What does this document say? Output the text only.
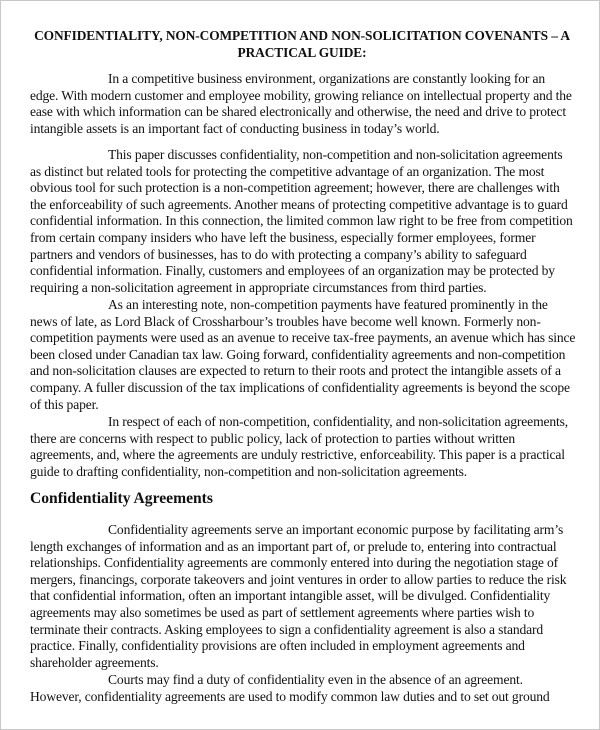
CONFIDENTIALITY, NON-COMPETITION AND NON-SOLICITATION COVENANTS – A
PRACTICAL GUIDE:

In a competitive business environment, organizations are constantly looking for an
edge. With modern customer and employee mobility, growing reliance on intellectual property and the
ease with which information can be shared electronically and otherwise, the need and drive to protect
intangible assets is an important fact of conducting business in today’s world.

This paper discusses confidentiality, non-competition and non-solicitation agreements
as distinct but related tools for protecting the competitive advantage of an organization. The most
obvious tool for such protection is a non-competition agreement; however, there are challenges with
the enforceability of such agreements. Another means of protecting competitive advantage is to guard
confidential information. In this connection, the limited common law right to be free from competition
from certain company insiders who have left the business, especially former employees, former
partners and vendors of businesses, has to do with protecting a company’s ability to safeguard
confidential information. Finally, customers and employees of an organization may be protected by
requiring a non-solicitation agreement in appropriate circumstances from third parties.

As an interesting note, non-competition payments have featured prominently in the
news of late, as Lord Black of Crossharbour’s troubles have become well known. Formerly non-
competition payments were used as an avenue to receive tax-free payments, an avenue which has since
been closed under Canadian tax law. Going forward, confidentiality agreements and non-competition
and non-solicitation clauses are expected to return to their roots and protect the intangible assets of a
company. A fuller discussion of the tax implications of confidentiality agreements is beyond the scope
of this paper.

In respect of each of non-competition, confidentiality, and non-solicitation agreements,
there are concerns with respect to public policy, lack of protection to parties without written
agreements, and, where the agreements are unduly restrictive, enforceability. This paper is a practical
guide to drafting confidentiality, non-competition and non-solicitation agreements.

Confidentiality Agreements

Confidentiality agreements serve an important economic purpose by facilitating arm’s
length exchanges of information and as an important part of, or prelude to, entering into contractual
relationships. Confidentiality agreements are commonly entered into during the negotiation stage of
mergers, financings, corporate takeovers and joint ventures in order to allow parties to reduce the risk
that confidential information, often an important intangible asset, will be divulged. Confidentiality
agreements may also sometimes be used as part of settlement agreements where parties wish to
terminate their contracts. Asking employees to sign a confidentiality agreement is also a standard
practice. Finally, confidentiality provisions are often included in employment agreements and
shareholder agreements.

Courts may find a duty of confidentiality even in the absence of an agreement.
However, confidentiality agreements are used to modify common law duties and to set out ground
